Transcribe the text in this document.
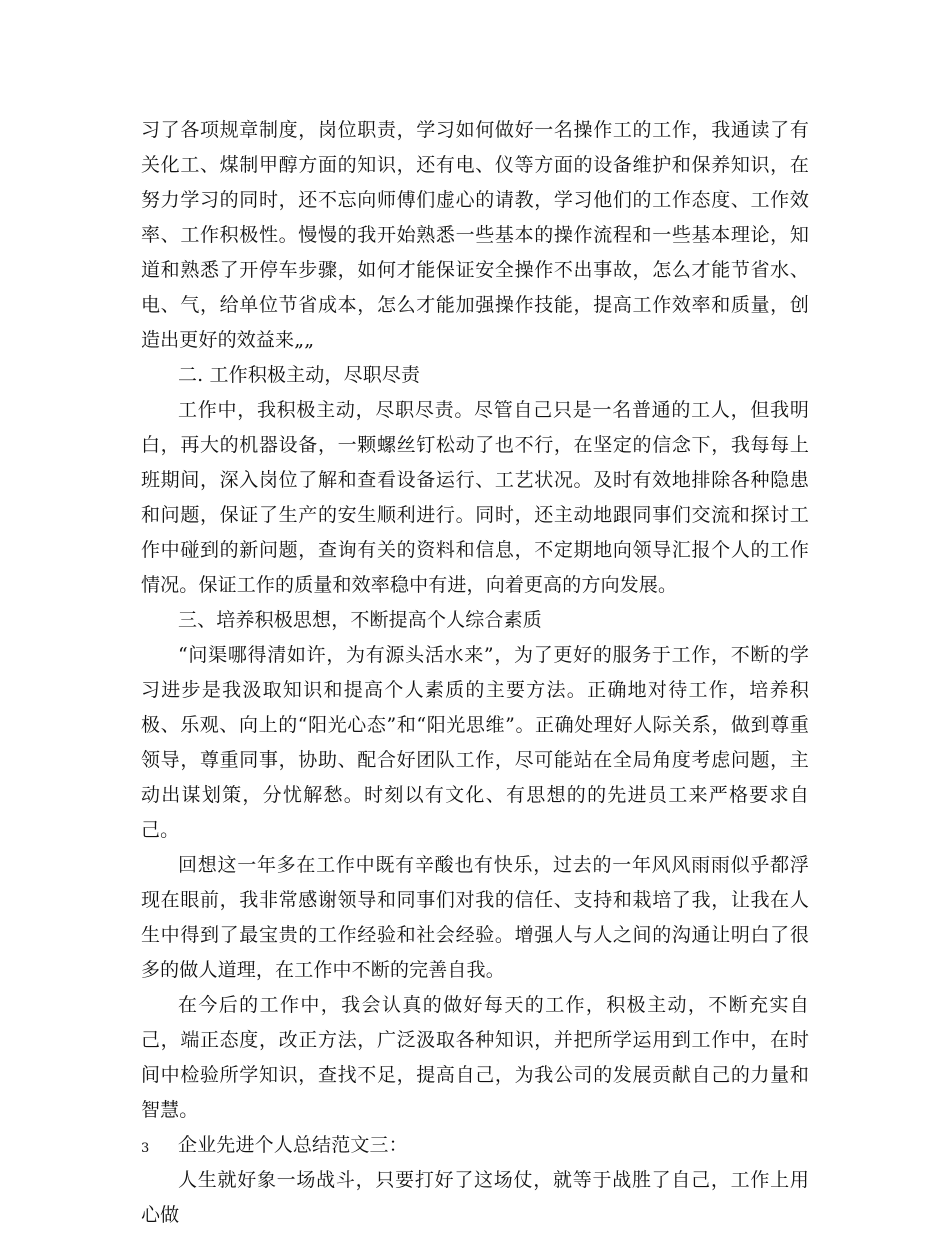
习了各项规章制度，岗位职责，学习如何做好一名操作工的工作，我通读了有关化工、煤制甲醇方面的知识，还有电、仪等方面的设备维护和保养知识，在努力学习的同时，还不忘向师傅们虚心的请教，学习他们的工作态度、工作效率、工作积极性。慢慢的我开始熟悉一些基本的操作流程和一些基本理论，知道和熟悉了开停车步骤，如何才能保证安全操作不出事故，怎么才能节省水、电、气，给单位节省成本，怎么才能加强操作技能，提高工作效率和质量，创造出更好的效益来„„

二. 工作积极主动，尽职尽责

工作中，我积极主动，尽职尽责。尽管自己只是一名普通的工人，但我明白，再大的机器设备，一颗螺丝钉松动了也不行，在坚定的信念下，我每每上班期间，深入岗位了解和查看设备运行、工艺状况。及时有效地排除各种隐患和问题，保证了生产的安生顺利进行。同时，还主动地跟同事们交流和探讨工作中碰到的新问题，查询有关的资料和信息，不定期地向领导汇报个人的工作情况。保证工作的质量和效率稳中有进，向着更高的方向发展。

三、培养积极思想，不断提高个人综合素质

“问渠哪得清如许，为有源头活水来”，为了更好的服务于工作，不断的学习进步是我汲取知识和提高个人素质的主要方法。正确地对待工作，培养积极、乐观、向上的“阳光心态”和“阳光思维”。正确处理好人际关系，做到尊重领导，尊重同事，协助、配合好团队工作，尽可能站在全局角度考虑问题，主动出谋划策，分忧解愁。时刻以有文化、有思想的的先进员工来严格要求自己。

回想这一年多在工作中既有辛酸也有快乐，过去的一年风风雨雨似乎都浮现在眼前，我非常感谢领导和同事们对我的信任、支持和栽培了我，让我在人生中得到了最宝贵的工作经验和社会经验。增强人与人之间的沟通让明白了很多的做人道理，在工作中不断的完善自我。

在今后的工作中，我会认真的做好每天的工作，积极主动，不断充实自己，端正态度，改正方法，广泛汲取各种知识，并把所学运用到工作中，在时间中检验所学知识，查找不足，提高自己，为我公司的发展贡献自己的力量和智慧。

企业先进个人总结范文三：

人生就好象一场战斗，只要打好了这场仗，就等于战胜了自己，工作上用心做

3
